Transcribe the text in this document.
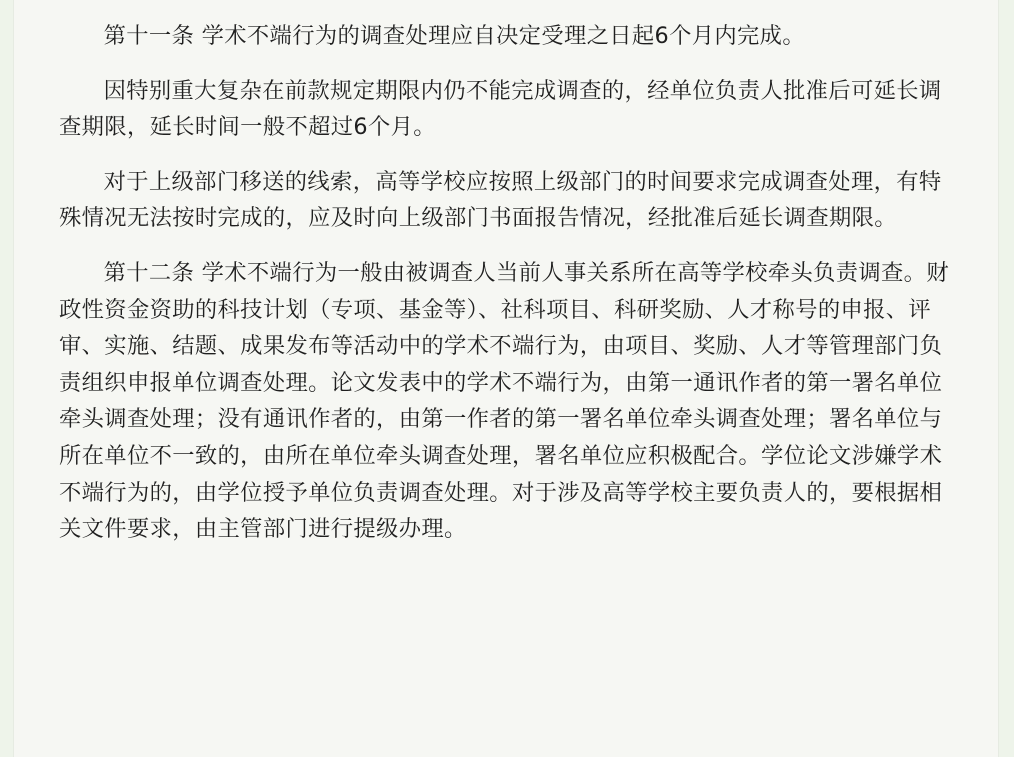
第十一条 学术不端行为的调查处理应自决定受理之日起6个月内完成。

因特别重大复杂在前款规定期限内仍不能完成调查的，经单位负责人批准后可延长调查期限，延长时间一般不超过6个月。

对于上级部门移送的线索，高等学校应按照上级部门的时间要求完成调查处理，有特殊情况无法按时完成的，应及时向上级部门书面报告情况，经批准后延长调查期限。

第十二条 学术不端行为一般由被调查人当前人事关系所在高等学校牵头负责调查。财政性资金资助的科技计划（专项、基金等）、社科项目、科研奖励、人才称号的申报、评审、实施、结题、成果发布等活动中的学术不端行为，由项目、奖励、人才等管理部门负责组织申报单位调查处理。论文发表中的学术不端行为，由第一通讯作者的第一署名单位牵头调查处理；没有通讯作者的，由第一作者的第一署名单位牵头调查处理；署名单位与所在单位不一致的，由所在单位牵头调查处理，署名单位应积极配合。学位论文涉嫌学术不端行为的，由学位授予单位负责调查处理。对于涉及高等学校主要负责人的，要根据相关文件要求，由主管部门进行提级办理。
